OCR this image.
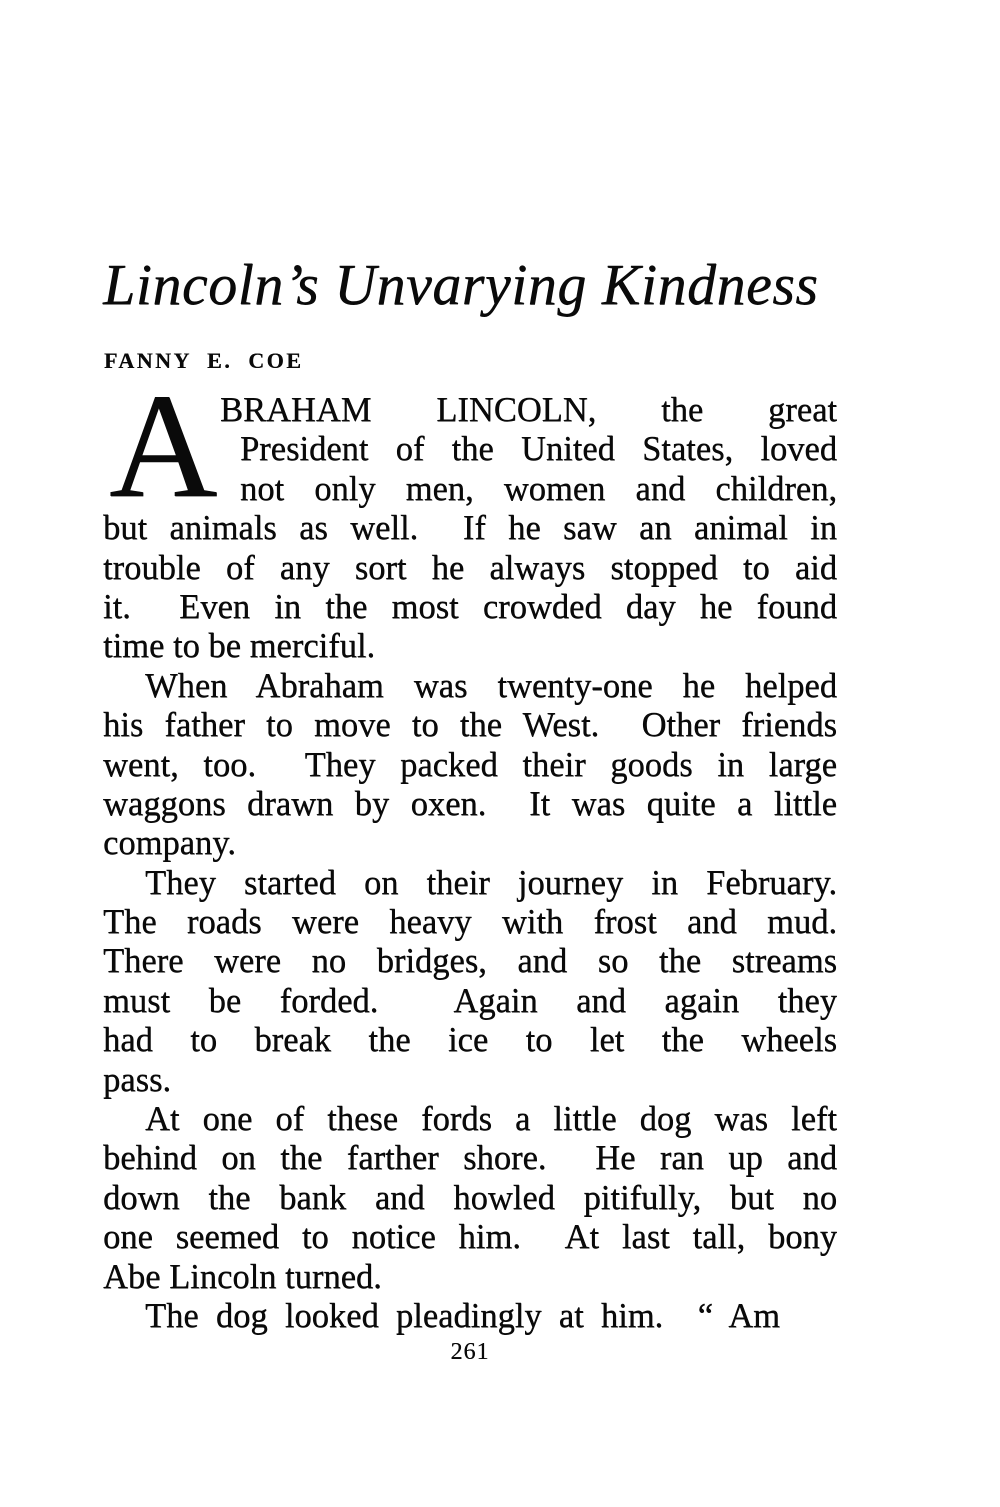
Lincoln’s Unvarying Kindness
FANNY E. COE
A BRAHAM LINCOLN, the great
President of the United States, loved
not only men, women and children,
but animals as well.  If he saw an animal in
trouble of any sort he always stopped to aid
it.  Even in the most crowded day he found
time to be merciful.
When Abraham was twenty-one he helped
his father to move to the West.  Other friends
went, too.  They packed their goods in large
waggons drawn by oxen.  It was quite a little
company.
They started on their journey in February.
The roads were heavy with frost and mud.
There were no bridges, and so the streams
must be forded.  Again and again they
had to break the ice to let the wheels
pass.
At one of these fords a little dog was left
behind on the farther shore.  He ran up and
down the bank and howled pitifully, but no
one seemed to notice him.  At last tall, bony
Abe Lincoln turned.
The dog looked pleadingly at him.  “ Am
261
